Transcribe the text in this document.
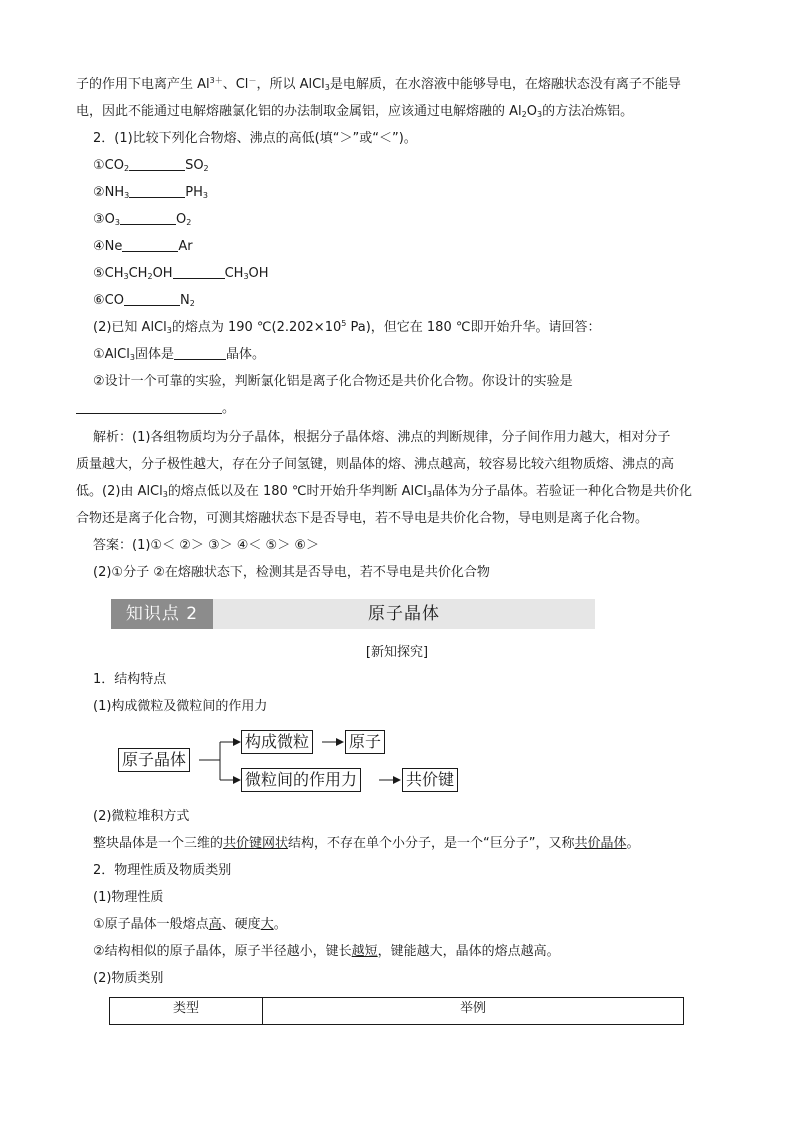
子的作用下电离产生 $Al^{3+}$、Cl－，所以 AlCl$_3$是电解质，在水溶液中能够导电，在熔融状态没有离子不能导
电，因此不能通过电解熔融氯化铝的办法制取金属铝，应该通过电解熔融的 $Al_2O_3$的方法冶炼铝。
2．(1)比较下列化合物熔、沸点的高低(填“＞”或“＜”)。
$①CO_2$	$SO_2$
$②NH_3$	$PH_3$
$③O_3$	$O_2$
④Ne	Ar
$⑤CH_3CH_2OH$	$CH_3OH$
⑥CO	$N_2$
(2)已知 AlCl$_3$的熔点为 190 $℃(2.202\times 10^5$ Pa)，但它在 180 ℃即开始升华。请回答：
①AlCl$_3$固体是	晶体。
②设计一个可靠的实验，判断氯化铝是离子化合物还是共价化合物。你设计的实验是
。
解析：(1)各组物质均为分子晶体，根据分子晶体熔、沸点的判断规律，分子间作用力越大，相对分子
质量越大，分子极性越大，存在分子间氢键，则晶体的熔、沸点越高，较容易比较六组物质熔、沸点的高
低。(2)由 AlCl$_3$的熔点低以及在 180 ℃时开始升华判断 AlCl$_3$晶体为分子晶体。若验证一种化合物是共价化
合物还是离子化合物，可测其熔融状态下是否导电，若不导电是共价化合物，导电则是离子化合物。
答案：(1)①＜ ②＞ ③＞ ④＜ ⑤＞ ⑥＞
(2)①分子 ②在熔融状态下，检测其是否导电，若不导电是共价化合物
知识点 2	原子晶体
[新知探究]
1．结构特点
(1)构成微粒及微粒间的作用力
原子晶体
构成微粒 原子
微粒间的作用力	共价键
(2)微粒堆积方式
整块晶体是一个三维的共价键网状结构，不存在单个小分子，是一个“巨分子”，又称共价晶体。
2．物理性质及物质类别
(1)物理性质
①原子晶体一般熔点高、硬度大。
②结构相似的原子晶体，原子半径越小，键长越短，键能越大，晶体的熔点越高。
(2)物质类别
类型	举例
